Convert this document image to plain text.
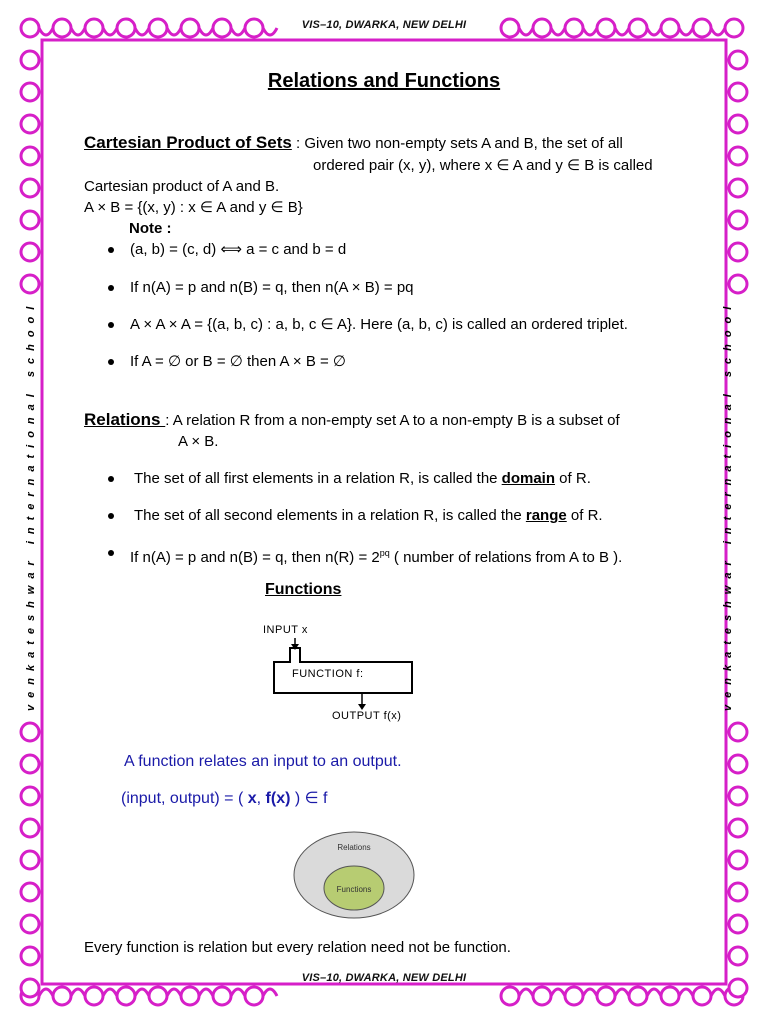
VIS–10, DWARKA, NEW DELHI
VIS–10, DWARKA, NEW DELHI
venkateshwar international school	venkateshwar international school
Relations and Functions
Cartesian Product of Sets : Given two non-empty sets A and B, the set of all
ordered pair (x, y), where x ∈ A and y ∈ B is called
Cartesian product of A and B.
A × B = {(x, y) : x ∈ A and y ∈ B}
Note :
(a, b) = (c, d) ⟺ a = c and b = d
If n(A) = p and n(B) = q, then n(A × B) = pq
A × A × A = {(a, b, c) : a, b, c ∈ A}. Here (a, b, c) is called an ordered triplet.
If A = ∅ or B = ∅ then A × B = ∅
Relations : A relation R from a non-empty set A to a non-empty B is a subset of
A × B.
The set of all first elements in a relation R, is called the domain of R.
The set of all second elements in a relation R, is called the range of R.
If n(A) = p and n(B) = q, then $n(R) = 2^{pq}$ ( number of relations from A to B ).
Functions
INPUT x
FUNCTION f:
OUTPUT f(x)
A function relates an input to an output.
(input, output) = ( x, f(x) ) ∈ f
Relations
Functions
Every function is relation but every relation need not be function.
